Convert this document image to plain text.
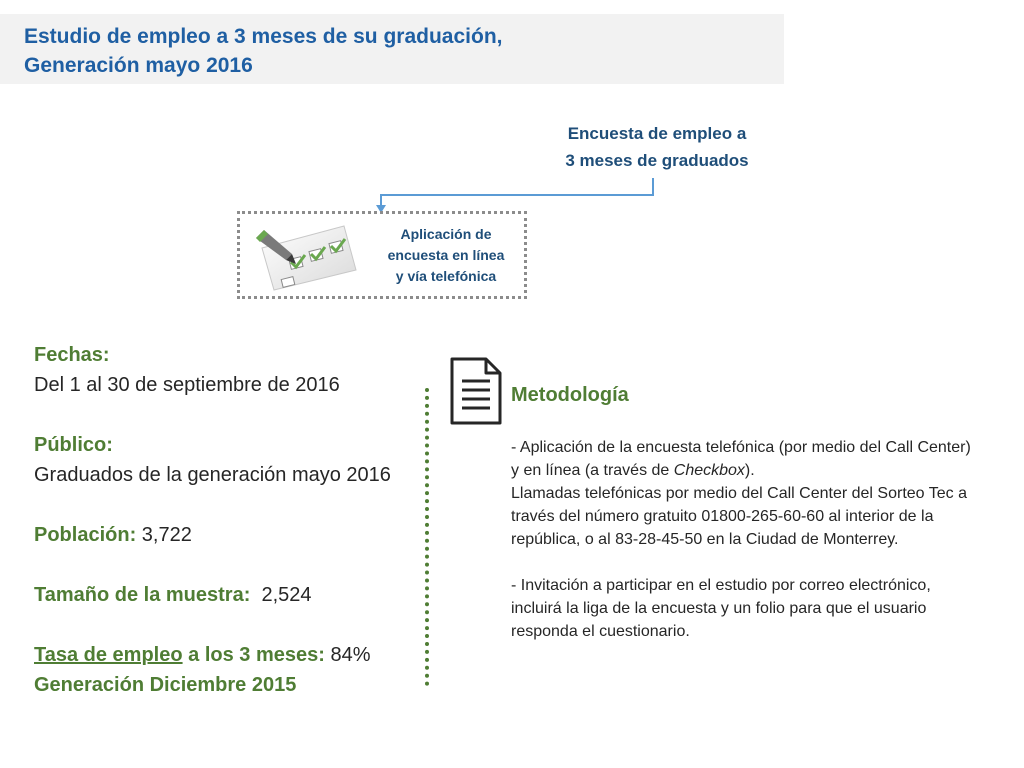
Estudio de empleo a 3 meses de su graduación,
Generación mayo 2016
Encuesta de empleo a
3 meses de graduados
Aplicación de
encuesta en línea
y vía telefónica

Fechas:

Del 1 al 30 de septiembre de 2016

Público:

Graduados de la generación mayo 2016

Población: 3,722

Tamaño de la muestra: 2,524

Tasa de empleo a los 3 meses: 84%

Generación Diciembre 2015

Metodología

- Aplicación de la encuesta telefónica (por medio del Call Center) y en línea (a través de Checkbox).

Llamadas telefónicas por medio del Call Center del Sorteo Tec a través del número gratuito 01800-265-60-60 al interior de la república, o al 83-28-45-50 en la Ciudad de Monterrey.

- Invitación a participar en el estudio por correo electrónico, incluirá la liga de la encuesta y un folio para que el usuario responda el cuestionario.
